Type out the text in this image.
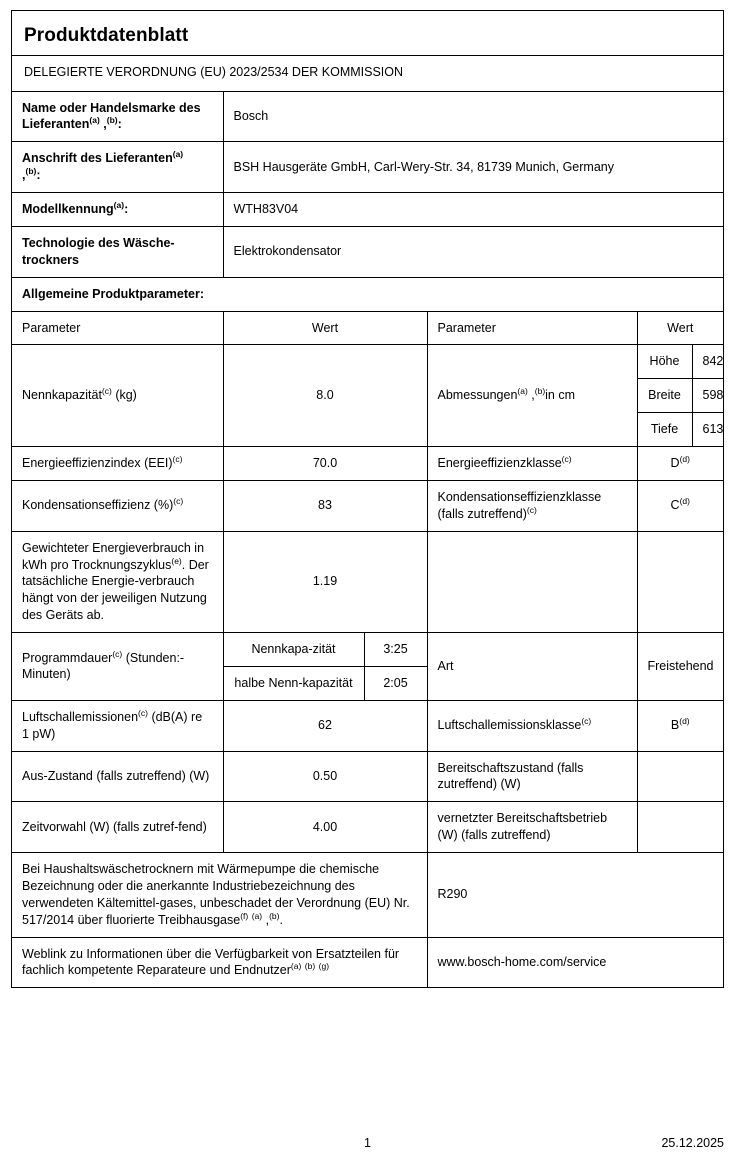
Produktdatenblatt					

DELEGIERTE VERORDNUNG (EU) 2023/2534 DER KOMMISSION					

Name oder Handelsmarke des Lieferanten$^{(a)}$ ,$^{(b)}$:	Bosch				
Anschrift des Lieferanten$^{(a)}$
,$^{(b)}$:	BSH Hausgeräte GmbH, Carl-Wery-Str. 34, 81739 Munich, Germany				
Modellkennung$^{(a)}$:	WTH83V04				
Technologie des Wäsche-trockners	Elektrokondensator				
Allgemeine Produktparameter:					
Parameter	Wert		Parameter	Wert	
Nennkapazität$^{(c)}$ (kg)	8.0		Abmessungen$^{(a)}$ ,$^{(b)}$in cm	Höhe	842
				Breite	598
				Tiefe	613
Energieeffizienzindex (EEI)$^{(c)}$	70.0		Energieeffizienzklasse$^{(c)}$	$D^{(d)}$
Kondensationseffizienz (%)$^{(c)}$	83		Kondensationseffizienzklasse (falls zutreffend)$^{(c)}$	$C^{(d)}$
Gewichteter Energieverbrauch in kWh pro Trocknungszyklus$^{(e)}$. Der tatsächliche Energie-verbrauch hängt von der jeweiligen Nutzung des Geräts ab.	1.19				
Programmdauer$^{(c)}$ (Stunden:-Minuten)	Nennkapa-zität	3:25	Art	Freistehend	
	halbe Nenn-kapazität	2:05			
Luftschallemissionen$^{(c)}$ (dB(A) re 1 pW)	62		Luftschallemissionsklasse$^{(c)}$	$B^{(d)}$
Aus-Zustand (falls zutreffend) (W)	0.50		Bereitschaftszustand (falls zutreffend) (W)		
Zeitvorwahl (W) (falls zutref-fend)	4.00		vernetzter Bereitschaftsbetrieb (W) (falls zutreffend)		
Bei Haushaltswäschetrocknern mit Wärmepumpe die chemische Bezeichnung oder die anerkannte Industriebezeichnung des verwendeten Kältemittel-gases, unbeschadet der Verordnung (EU) Nr. 517/2014 über fluorierte Treibhausgase$^{(f)}$ $^{(a)}$ ,$^{(b)}$.			R290		
Weblink zu Informationen über die Verfügbarkeit von Ersatzteilen für fachlich kompetente Reparateure und Endnutzer$^{(a)}$ $^{(b)}$ $^{(g)}$			www.bosch-home.com/service		
1	25.12.2025
